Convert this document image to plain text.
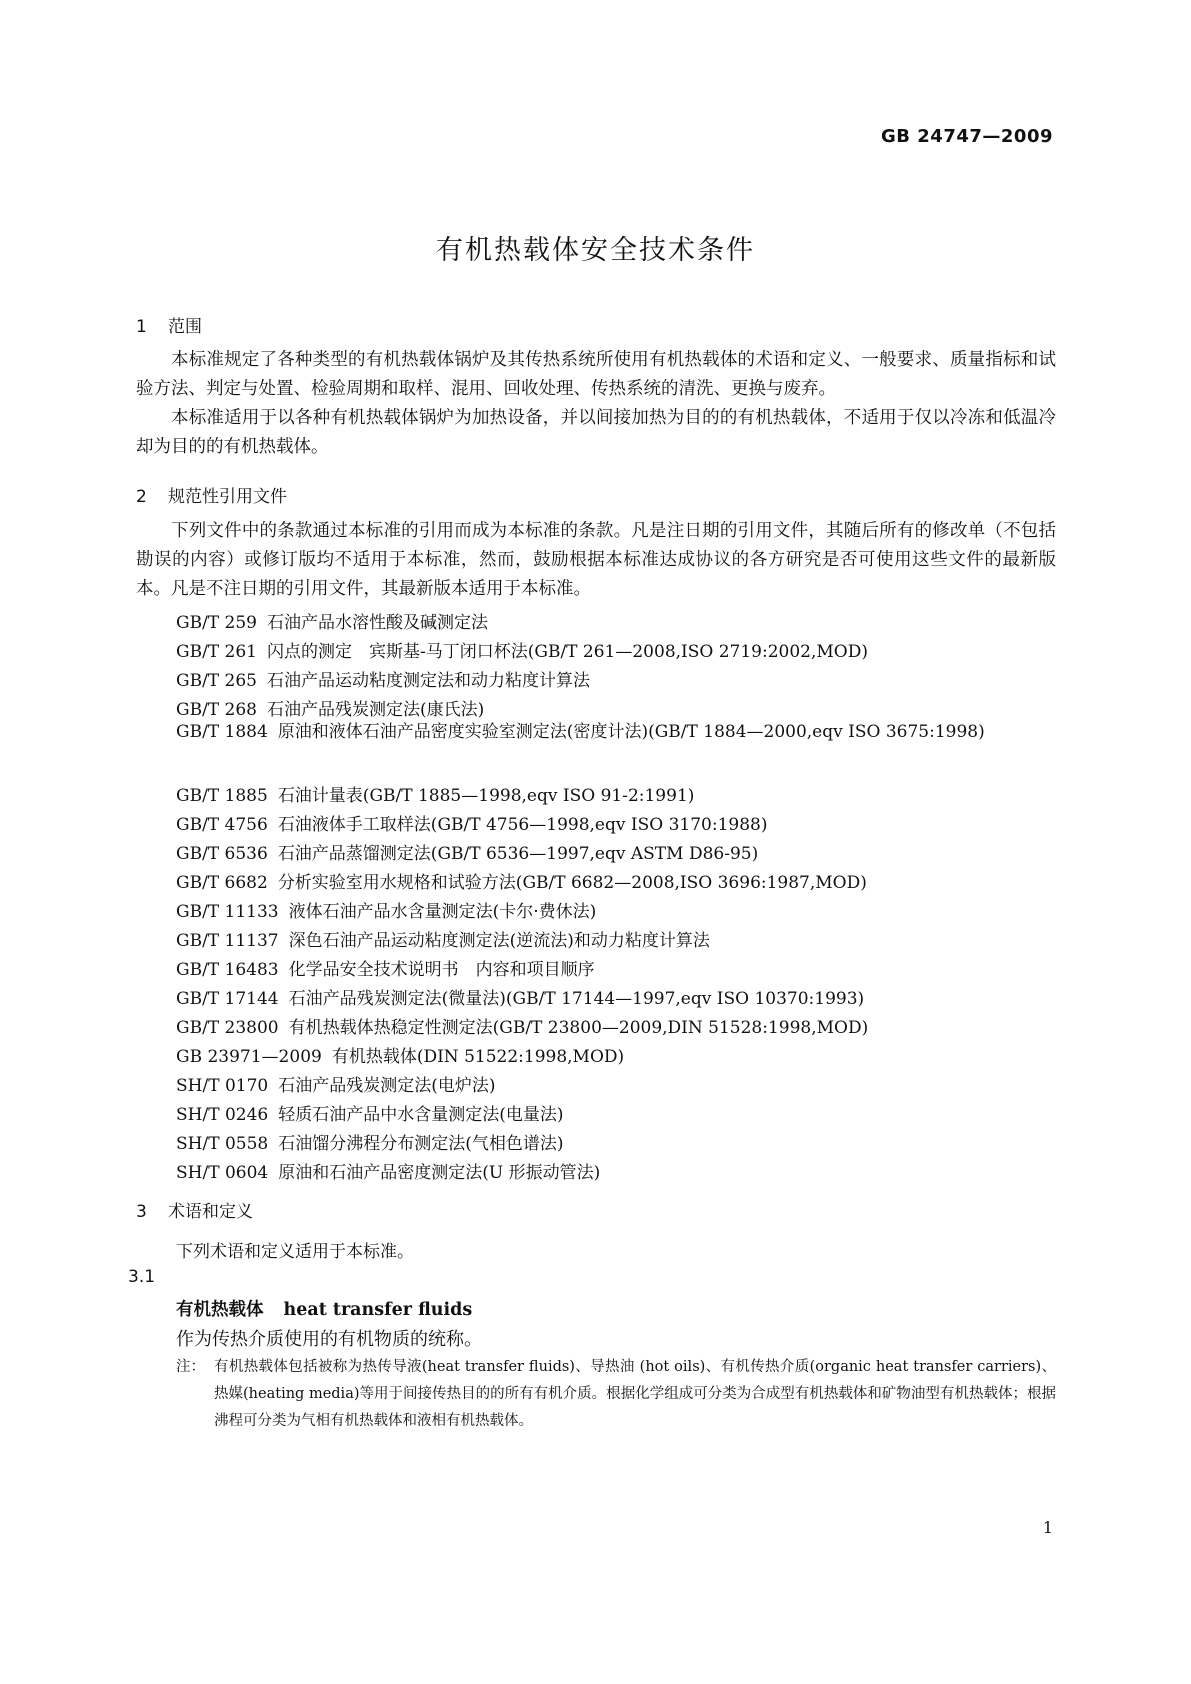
GB 24747—2009
有机热载体安全技术条件
1 范围

本标准规定了各种类型的有机热载体锅炉及其传热系统所使用有机热载体的术语和定义、一般要求、质量指标和试验方法、判定与处置、检验周期和取样、混用、回收处理、传热系统的清洗、更换与废弃。

本标准适用于以各种有机热载体锅炉为加热设备，并以间接加热为目的的有机热载体，不适用于仅以冷冻和低温冷却为目的的有机热载体。

2 规范性引用文件

下列文件中的条款通过本标准的引用而成为本标准的条款。凡是注日期的引用文件，其随后所有的修改单（不包括勘误的内容）或修订版均不适用于本标准，然而，鼓励根据本标准达成协议的各方研究是否可使用这些文件的最新版本。凡是不注日期的引用文件，其最新版本适用于本标准。

GB/T 259 石油产品水溶性酸及碱测定法
GB/T 261 闪点的测定　宾斯基-马丁闭口杯法(GB/T 261—2008,ISO 2719:2002,MOD)
GB/T 265 石油产品运动粘度测定法和动力粘度计算法
GB/T 268 石油产品残炭测定法(康氏法)

GB/T 1884 原油和液体石油产品密度实验室测定法(密度计法)(GB/T 1884—2000,eqv ISO 3675:1998)

GB/T 1885 石油计量表(GB/T 1885—1998,eqv ISO 91-2:1991)
GB/T 4756 石油液体手工取样法(GB/T 4756—1998,eqv ISO 3170:1988)
GB/T 6536 石油产品蒸馏测定法(GB/T 6536—1997,eqv ASTM D86-95)
GB/T 6682 分析实验室用水规格和试验方法(GB/T 6682—2008,ISO 3696:1987,MOD)
GB/T 11133 液体石油产品水含量测定法(卡尔·费休法)
GB/T 11137 深色石油产品运动粘度测定法(逆流法)和动力粘度计算法
GB/T 16483 化学品安全技术说明书　内容和项目顺序
GB/T 17144 石油产品残炭测定法(微量法)(GB/T 17144—1997,eqv ISO 10370:1993)
GB/T 23800 有机热载体热稳定性测定法(GB/T 23800—2009,DIN 51528:1998,MOD)
GB 23971—2009 有机热载体(DIN 51522:1998,MOD)
SH/T 0170 石油产品残炭测定法(电炉法)
SH/T 0246 轻质石油产品中水含量测定法(电量法)
SH/T 0558 石油馏分沸程分布测定法(气相色谱法)
SH/T 0604 原油和石油产品密度测定法(U 形振动管法)
3 术语和定义
下列术语和定义适用于本标准。
3.1
有机热载体 heat transfer fluids
作为传热介质使用的有机物质的统称。
注： 有机热载体包括被称为热传导液(heat transfer fluids)、导热油 (hot oils)、有机传热介质(organic heat transfer carriers)、热媒(heating media)等用于间接传热目的的所有有机介质。根据化学组成可分类为合成型有机热载体和矿物油型有机热载体；根据沸程可分类为气相有机热载体和液相有机热载体。
1
